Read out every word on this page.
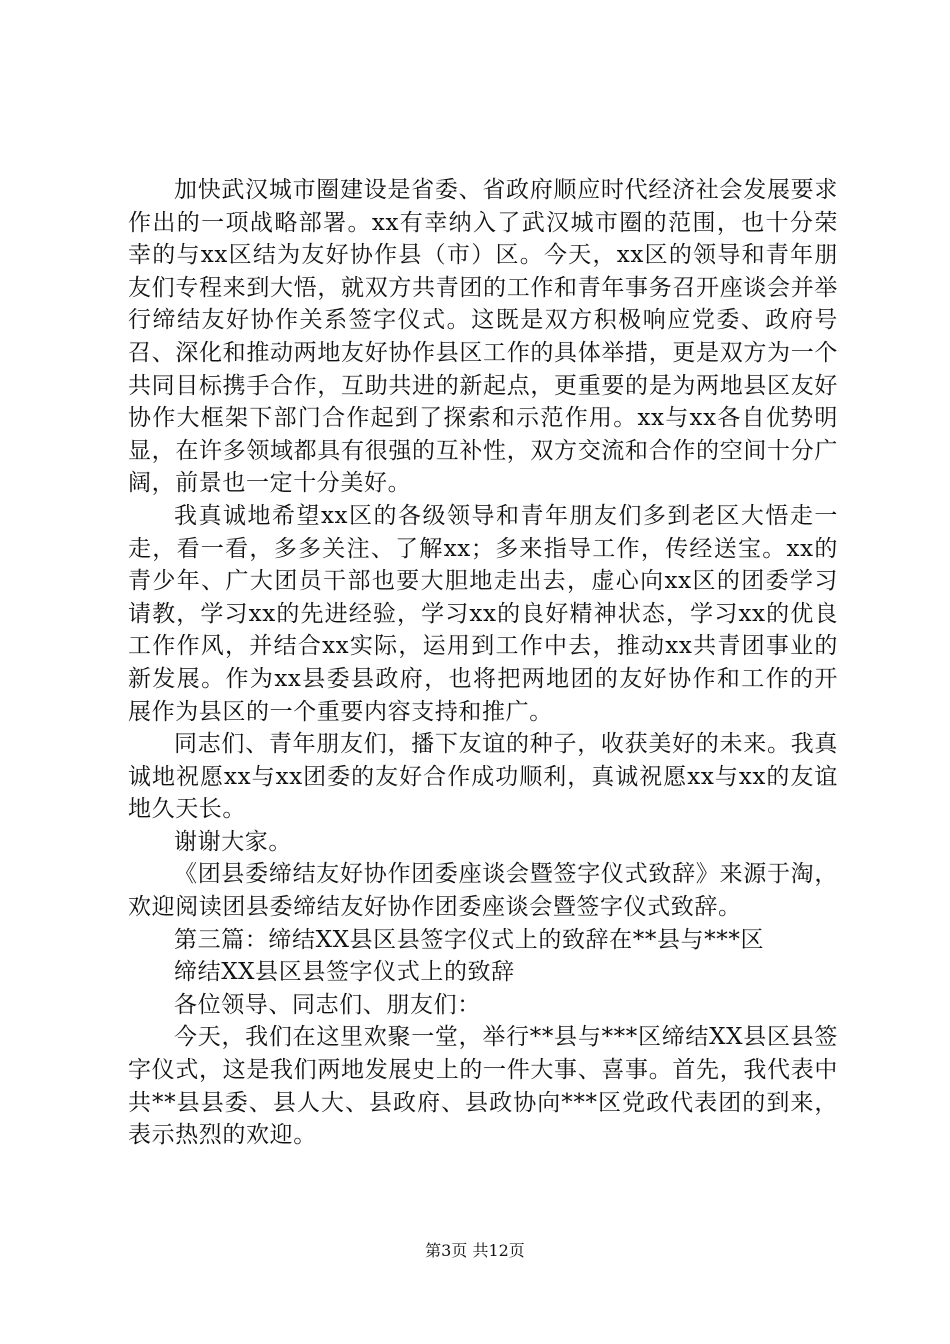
加快武汉城市圈建设是省委、省政府顺应时代经济社会发展要求作出的一项战略部署。xx有幸纳入了武汉城市圈的范围，也十分荣幸的与xx区结为友好协作县（市）区。今天，xx区的领导和青年朋友们专程来到大悟，就双方共青团的工作和青年事务召开座谈会并举行缔结友好协作关系签字仪式。这既是双方积极响应党委、政府号召、深化和推动两地友好协作县区工作的具体举措，更是双方为一个共同目标携手合作，互助共进的新起点，更重要的是为两地县区友好协作大框架下部门合作起到了探索和示范作用。xx与xx各自优势明显，在许多领域都具有很强的互补性，双方交流和合作的空间十分广阔，前景也一定十分美好。

我真诚地希望xx区的各级领导和青年朋友们多到老区大悟走一走，看一看，多多关注、了解xx；多来指导工作，传经送宝。xx的青少年、广大团员干部也要大胆地走出去，虚心向xx区的团委学习请教，学习xx的先进经验，学习xx的良好精神状态，学习xx的优良工作作风，并结合xx实际，运用到工作中去，推动xx共青团事业的新发展。作为xx县委县政府，也将把两地团的友好协作和工作的开展作为县区的一个重要内容支持和推广。

同志们、青年朋友们，播下友谊的种子，收获美好的未来。我真诚地祝愿xx与xx团委的友好合作成功顺利，真诚祝愿xx与xx的友谊地久天长。

谢谢大家。

《团县委缔结友好协作团委座谈会暨签字仪式致辞》来源于淘，欢迎阅读团县委缔结友好协作团委座谈会暨签字仪式致辞。

第三篇：缔结XX县区县签字仪式上的致辞在**县与***区

缔结XX县区县签字仪式上的致辞

各位领导、同志们、朋友们：

今天，我们在这里欢聚一堂，举行**县与***区缔结XX县区县签字仪式，这是我们两地发展史上的一件大事、喜事。首先，我代表中共**县县委、县人大、县政府、县政协向***区党政代表团的到来，表示热烈的欢迎。

第3页 共12页
